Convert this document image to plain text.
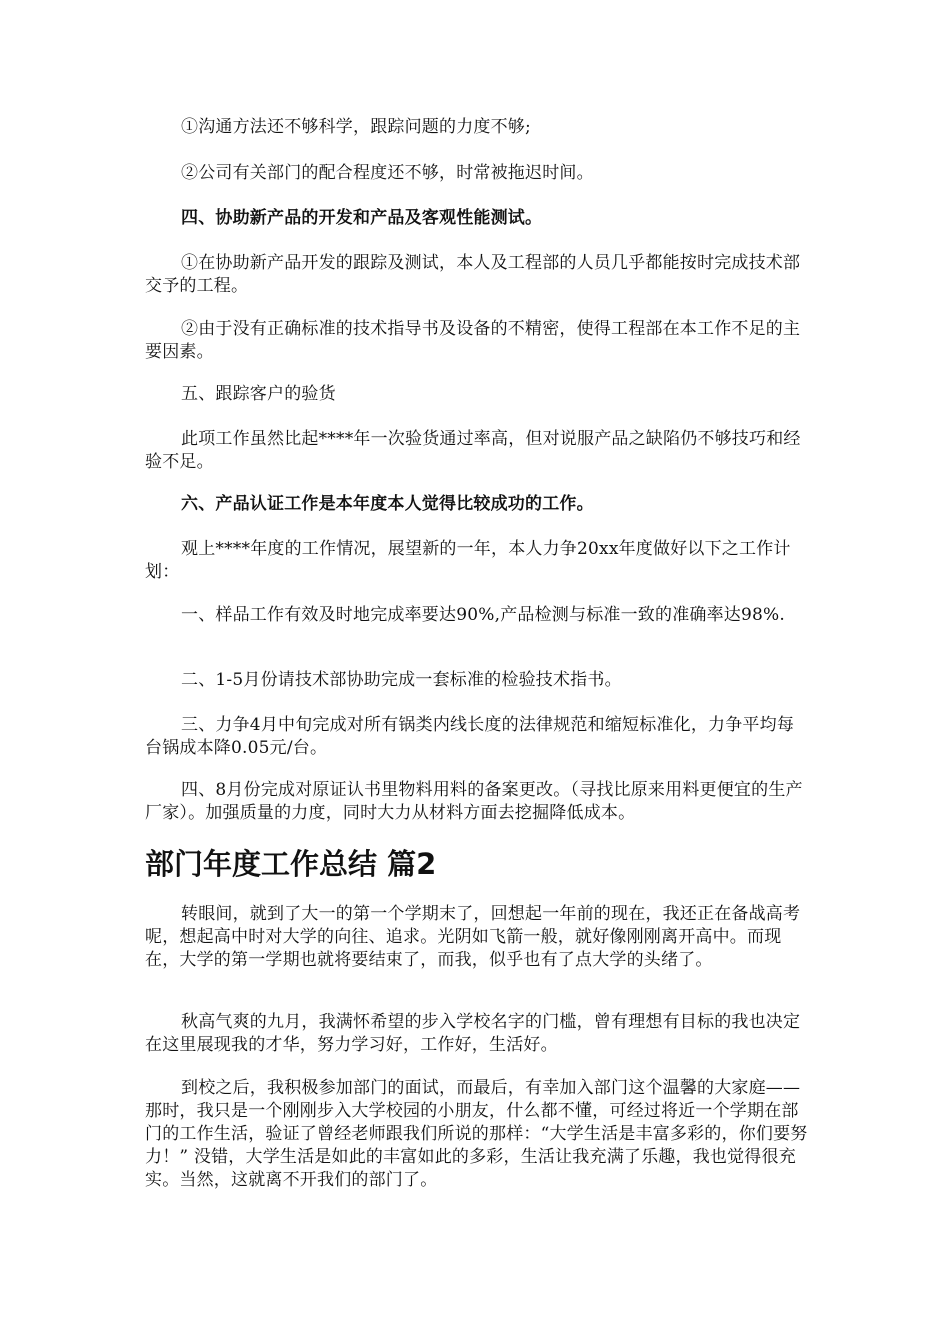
①沟通方法还不够科学，跟踪问题的力度不够;

②公司有关部门的配合程度还不够，时常被拖迟时间。

四、协助新产品的开发和产品及客观性能测试。

①在协助新产品开发的跟踪及测试，本人及工程部的人员几乎都能按时完成技术部交予的工程。

②由于没有正确标准的技术指导书及设备的不精密，使得工程部在本工作不足的主要因素。

五、跟踪客户的验货

此项工作虽然比起****年一次验货通过率高，但对说服产品之缺陷仍不够技巧和经验不足。

六、产品认证工作是本年度本人觉得比较成功的工作。

观上****年度的工作情况，展望新的一年，本人力争20xx年度做好以下之工作计划：

一、样品工作有效及时地完成率要达90%,产品检测与标准一致的准确率达98%.

二、1-5月份请技术部协助完成一套标准的检验技术指书。

三、力争4月中旬完成对所有锅类内线长度的法律规范和缩短标准化，力争平均每台锅成本降0.05元/台。

四、8月份完成对原证认书里物料用料的备案更改。（寻找比原来用料更便宜的生产厂家）。加强质量的力度，同时大力从材料方面去挖掘降低成本。

部门年度工作总结 篇2

转眼间，就到了大一的第一个学期末了，回想起一年前的现在，我还正在备战高考呢，想起高中时对大学的向往、追求。光阴如飞箭一般，就好像刚刚离开高中。而现在，大学的第一学期也就将要结束了，而我，似乎也有了点大学的头绪了。

秋高气爽的九月，我满怀希望的步入学校名字的门槛，曾有理想有目标的我也决定在这里展现我的才华，努力学习好，工作好，生活好。

到校之后，我积极参加部门的面试，而最后，有幸加入部门这个温馨的大家庭—— 那时，我只是一个刚刚步入大学校园的小朋友，什么都不懂，可经过将近一个学期在部门的工作生活，验证了曾经老师跟我们所说的那样：“大学生活是丰富多彩的，你们要努力！” 没错，大学生活是如此的丰富如此的多彩，生活让我充满了乐趣，我也觉得很充实。当然，这就离不开我们的部门了。
